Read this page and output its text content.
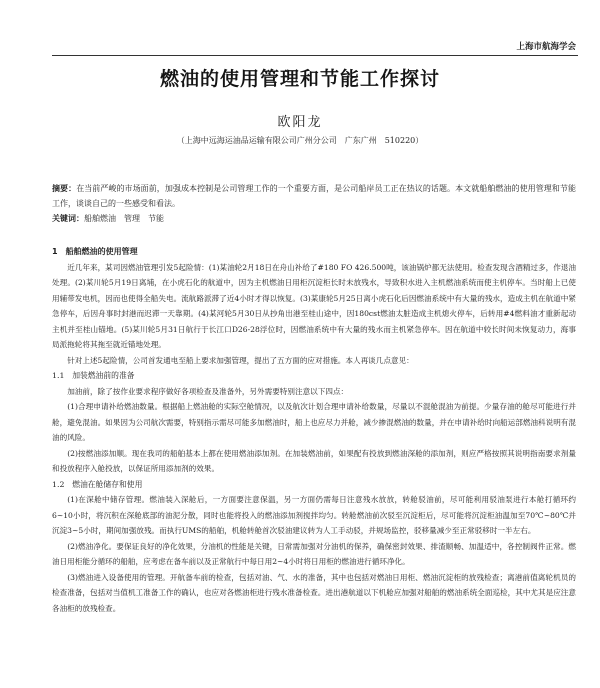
上海市航海学会
燃油的使用管理和节能工作探讨
欧阳龙
（上海中远海运油品运输有限公司广州分公司　广东广州　510220）
摘要：在当前严峻的市场面前，加强成本控制是公司管理工作的一个重要方面，是公司船岸员工正在热议的话题。本文就船舶燃油的使用管理和节能工作，谈谈自己的一些感受和看法。
关键词：船舶燃油　管理　节能
1　船舶燃油的使用管理

近几年来，某司因燃油管理引发5起险情：(1)某油轮2月18日在舟山补给了#180 FO 426.500吨，该油锅炉都无法使用。检查发现含酒精过多，作退油处理。(2)某川轮5月19日离埔，在小虎石化的航道中，因为主机燃油日用柜沉淀柜长时未放残水，导致积水进入主机燃油系统而使主机停车。当时船上已使用辅带发电机，因而也使得全船失电。流航路派滞了近4小时才得以恢复。(3)某康轮5月25日离小虎石化后因燃油系统中有大量的残水，造成主机在航道中紧急停车，后因舟事时封港而迟滞一天靠期。(4)某河轮5月30日从抄角出港至桂山途中，因180cst燃油太脏造成主机熄火停车，后转用#4燃料油才重新起动主机并至桂山锚地。(5)某川轮5月31日航行于长江口D26-28浮位时，因燃油系统中有大量的残水而主机紧急停车。因在航道中较长时间未恢复动力，海事局派拖轮将其拖至就近锚地处理。

针对上述5起险情，公司首发通电至船上要求加强管理，提出了五方面的应对措施。本人再谈几点意见：

1.1　加装燃油前的准备

加油前，除了按作业要求程序做好各项检查及准备外，另外需要特别注意以下四点：

(1)合理申请补给燃油数量。根据船上燃油舱的实际空舱情况，以及航次计划合理申请补给数量，尽量以不混舱混油为前提。少量存油的舱尽可能进行并舱，避免混油。如果因为公司航次需要，特别指示需尽可能多加燃油时，船上也应尽力并舱，减少掺混燃油的数量，并在申请补给时向船运部燃油科说明有混油的风险。

(2)按燃油添加顺。现在我司的船舶基本上都在使用燃油添加剂。在加装燃油前，如果配有投放到燃油深舱的添加剂，则应严格按照其说明指南要求剂量和投放程序入舱投放，以保证所用添加剂的效果。

1.2　燃油在舱储存和使用

(1)在深舱中储存管理。燃油装入深舱后，一方面要注意保温，另一方面仍需每日注意残水放放，转舱驳油前，尽可能利用驳油泵进行本舱打循环约6~10小时，将沉积在深舱底部的油泥分散，同时也能将投入的燃油添加剂搅拌均匀。转舱燃油前次驳至沉淀柜后，尽可能将沉淀柜油温加至70℃~80℃并沉淀3~5小时，期间加强放残。而执行UMS的船舶，机舱转舱首次驳油建议转为人工手动驳，并规场监控，驳移量减少至正常驳移时一半左右。

(2)燃油净化。要保证良好的净化效果，分油机的性能是关键，日常需加强对分油机的保养，确保密封效果、排渣顺畅、加温适中，各控制阀件正常。燃油日用柜能分循环的船舶，应考虑在备车前以及正常航行中每日用2~4小时将日用柜的燃油进行循环净化。

(3)燃油进入设备使用的管理。开航备车前的检查，包括对油、气、水的准备，其中也包括对燃油日用柜、燃油沉淀柜的放残检查；离港前值离轮机员的检查准备，包括对当值机工准备工作的确认，也应对各燃油柜进行残水准备检查。进出港航道以下机舱应加强对船舶的燃油系统全面巡检，其中尤其是应注意各油柜的放残检查。
